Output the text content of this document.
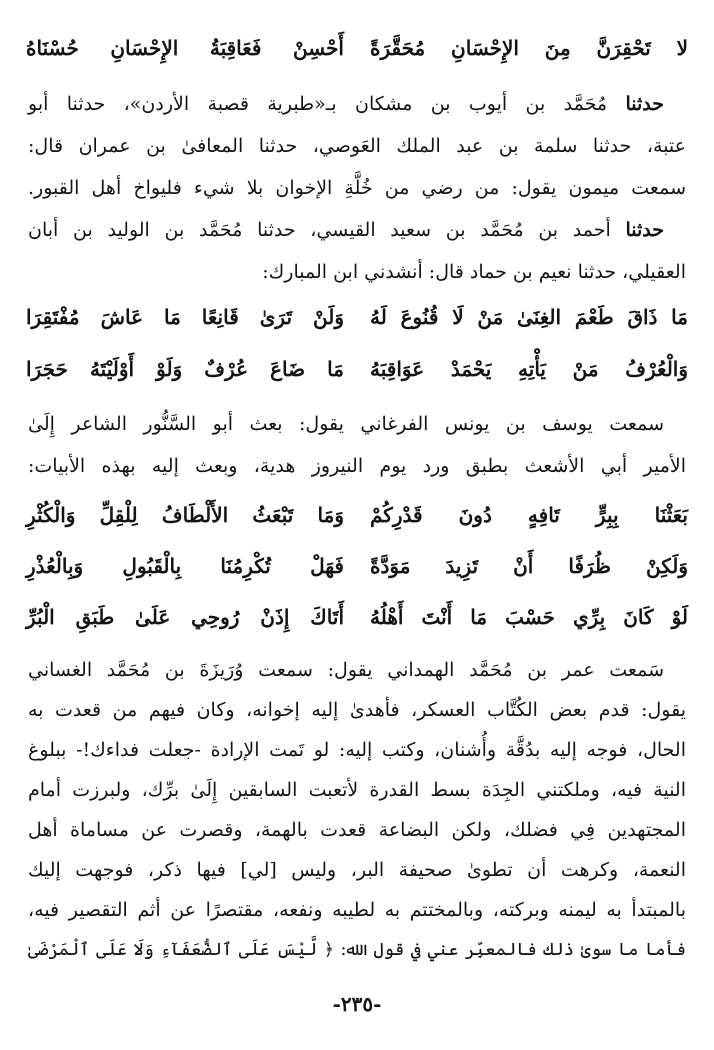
لا تَحْقِرَنَّ مِنَ الإِحْسَانِ مُحَقَّرَةً
أَحْسِنْ فَعَاقِبَةُ الإِحْسَانِ حُسْنَاهُ
حدثنا مُحَمَّد بن أيوب بن مشكان بـ«طبرية قصبة الأردن»، حدثنا أبو
عتبة، حدثنا سلمة بن عبد الملك العَوصي، حدثنا المعافىٰ بن عمران قال:
سمعت ميمون يقول: من رضي من خُلَّةِ الإخوان بلا شيء فليواخ أهل القبور.
حدثنا أحمد بن مُحَمَّد بن سعيد القيسي، حدثنا مُحَمَّد بن الوليد بن أبان
العقيلي، حدثنا نعيم بن حماد قال: أنشدني ابن المبارك:
مَا ذَاقَ طَعْمَ الغِنَىٰ مَنْ لَا قُنُوعَ لَهُ
وَلَنْ تَرَىٰ قَانِعًا مَا عَاشَ مُفْتَقِرَا
وَالْعُرْفُ مَنْ يَأْتِهِ يَحْمَدْ عَوَاقِبَهُ
مَا ضَاعَ عُرْفٌ وَلَوْ أَوْلَيْتَهُ حَجَرَا
سمعت يوسف بن يونس الفرغاني يقول: بعث أبو السَّنُّور الشاعر إِلَىٰ
الأمير أبي الأشعث بطبق ورد يوم النيروز هدية، وبعث إليه بهذه الأبيات:
بَعَثْنَا بِبِرٍّ تَافِهٍ دُونَ قَدْرِكُمْ
وَمَا تَبْعَثُ الأَلْطَافُ لِلْقِلِّ وَالْكُثْرِ
وَلَكِنْ ظُرَفًا أَنْ تَزِيدَ مَوَدَّةً
فَهَلْ تُكْرِمُنَا بِالْقَبُولِ وَبِالْعُذْرِ
لَوْ كَانَ بِرِّي حَسْبَ مَا أَنْتَ أَهْلُهُ
أَتَاكَ إِذَنْ رُوحِي عَلَىٰ طَبَقِ الْبُرِّ
سَمعت عمر بن مُحَمَّد الهمداني يقول: سمعت وُرَيزَةَ بن مُحَمَّد الغساني
يقول: قدم بعض الكُتَّاب العسكر، فأهدىٰ إليه إخوانه، وكان فيهم من قعدت به
الحال، فوجه إليه بدُقَّة وأُشنان، وكتب إليه: لو تَمت الإرادة -جعلت فداءك!- ببلوغ
النية فيه، وملكتني الجِدَة بسط القدرة لأتعبت السابقين إِلَىٰ برِّك، ولبرزت أمام
المجتهدين فِي فضلك، ولكن البضاعة قعدت بالهمة، وقصرت عن مساماة أهل
النعمة، وكرهت أن تطوىٰ صحيفة البر، وليس [لي] فيها ذكر، فوجهت إليك
بالمبتدأ به ليمنه وبركته، وبالمختتم به لطيبه ونفعه، مقتصرًا عن أثم التقصير فيه،
فأما ما سوىٰ ذلك فالمعبِّر عني في قول الله: ﴿ لَّيْسَ عَلَى ٱلضُّعَفَآءِ وَلَا عَلَى ٱلْمَرْضَىٰ
-٢٣٥-
